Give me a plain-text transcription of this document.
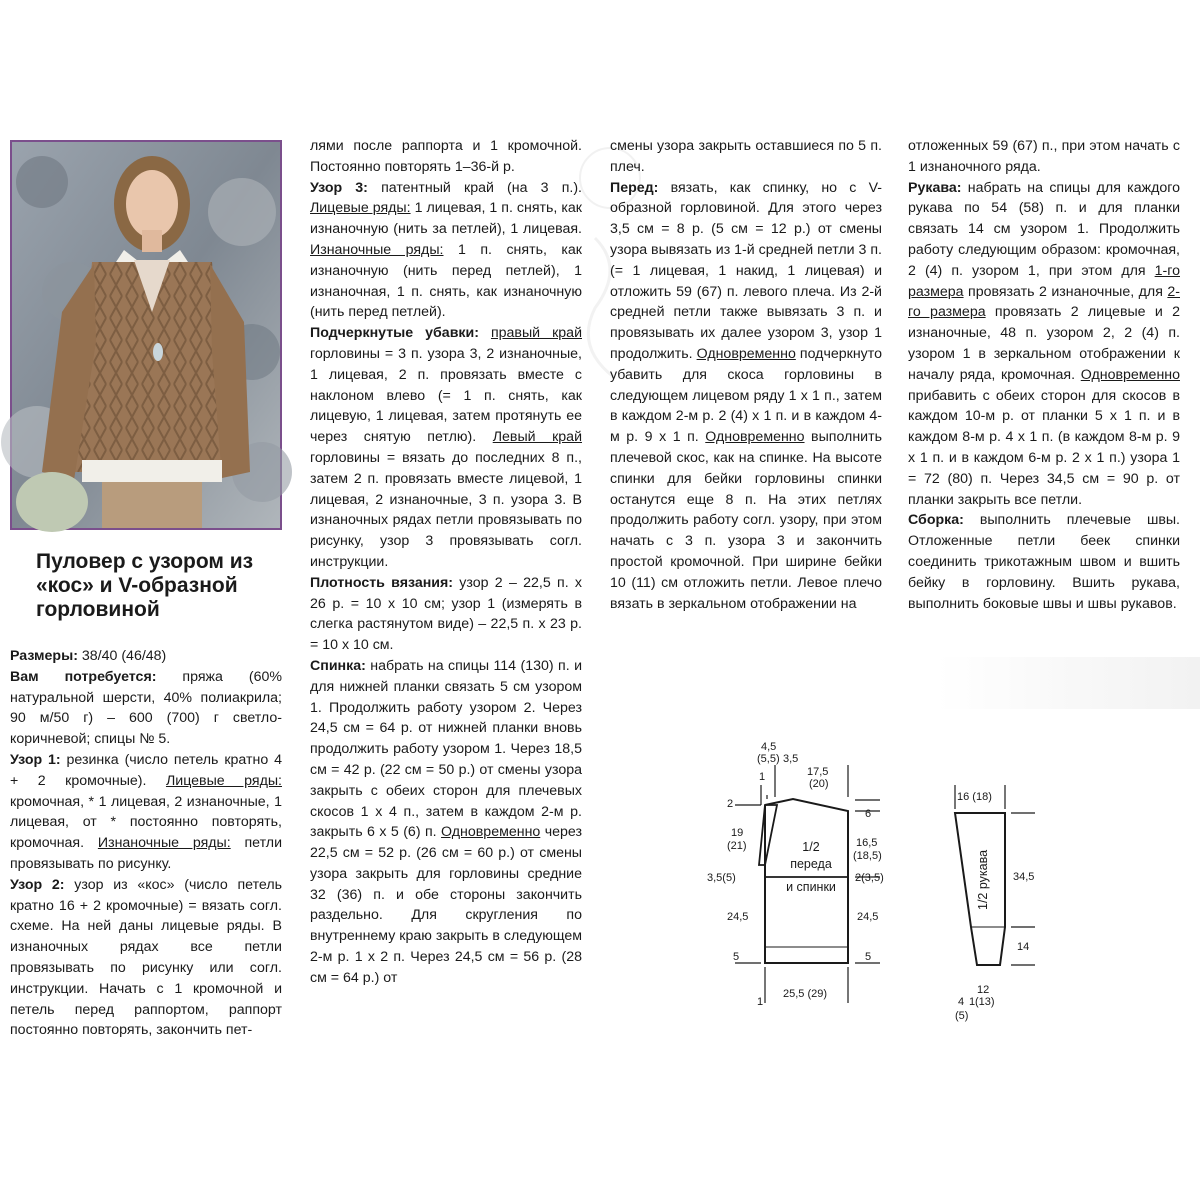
Пуловер с узором из «кос» и V-образной горловиной

Размеры: 38/40 (46/48)

Вам потребуется: пряжа (60% натуральной шерсти, 40% полиакрила; 90 м/50 г) – 600 (700) г светло-коричневой; спицы № 5.

Узор 1: резинка (число петель кратно 4 + 2 кромочные). Лицевые ряды: кромочная, * 1 лицевая, 2 изнаночные, 1 лицевая, от * постоянно повторять, кромочная. Изнаночные ряды: петли провязывать по рисунку.

Узор 2: узор из «кос» (число петель кратно 16 + 2 кромочные) = вязать согл. схеме. На ней даны лицевые ряды. В изнаночных рядах все петли провязывать по рисунку или согл. инструкции. Начать с 1 кромочной и петель перед раппортом, раппорт постоянно повторять, закончить пет-

лями после раппорта и 1 кромочной. Постоянно повторять 1–36-й р.

Узор 3: патентный край (на 3 п.). Лицевые ряды: 1 лицевая, 1 п. снять, как изнаночную (нить за петлей), 1 лицевая. Изнаночные ряды: 1 п. снять, как изнаночную (нить перед петлей), 1 изнаночная, 1 п. снять, как изнаночную (нить перед петлей).

Подчеркнутые убавки: правый край горловины = 3 п. узора 3, 2 изнаночные, 1 лицевая, 2 п. провязать вместе с наклоном влево (= 1 п. снять, как лицевую, 1 лицевая, затем протянуть ее через снятую петлю). Левый край горловины = вязать до последних 8 п., затем 2 п. провязать вместе лицевой, 1 лицевая, 2 изнаночные, 3 п. узора 3. В изнаночных рядах петли провязывать по рисунку, узор 3 провязывать согл. инструкции.

Плотность вязания: узор 2 – 22,5 п. x 26 р. = 10 x 10 см; узор 1 (измерять в слегка растянутом виде) – 22,5 п. x 23 р. = 10 x 10 см.

Спинка: набрать на спицы 114 (130) п. и для нижней планки связать 5 см узором 1. Продолжить работу узором 2. Через 24,5 см = 64 р. от нижней планки вновь продолжить работу узором 1. Через 18,5 см = 42 р. (22 см = 50 р.) от смены узора закрыть с обеих сторон для плечевых скосов 1 x 4 п., затем в каждом 2-м р. закрыть 6 x 5 (6) п. Одновременно через 22,5 см = 52 р. (26 см = 60 р.) от смены узора закрыть для горловины средние 32 (36) п. и обе стороны закончить раздельно. Для скругления по внутреннему краю закрыть в следующем 2-м р. 1 x 2 п. Через 24,5 см = 56 р. (28 см = 64 р.) от

смены узора закрыть оставшиеся по 5 п. плеч.

Перед: вязать, как спинку, но с V-образной горловиной. Для этого через 3,5 см = 8 р. (5 см = 12 р.) от смены узора вывязать из 1-й средней петли 3 п. (= 1 лицевая, 1 накид, 1 лицевая) и отложить 59 (67) п. левого плеча. Из 2-й средней петли также вывязать 3 п. и провязывать их далее узором 3, узор 1 продолжить. Одновременно подчеркнуто убавить для скоса горловины в следующем лицевом ряду 1 x 1 п., затем в каждом 2-м р. 2 (4) x 1 п. и в каждом 4-м р. 9 x 1 п. Одновременно выполнить плечевой скос, как на спинке. На высоте спинки для бейки горловины спинки останутся еще 8 п. На этих петлях продолжить работу согл. узору, при этом начать с 3 п. узора 3 и закончить простой кромочной. При ширине бейки 10 (11) см отложить петли. Левое плечо вязать в зеркальном отображении на

отложенных 59 (67) п., при этом начать с 1 изнаночного ряда.

Рукава: набрать на спицы для каждого рукава по 54 (58) п. и для планки связать 14 см узором 1. Продолжить работу следующим образом: кромочная, 2 (4) п. узором 1, при этом для 1-го размера провязать 2 изнаночные, для 2-го размера провязать 2 лицевые и 2 изнаночные, 48 п. узором 2, 2 (4) п. узором 1 в зеркальном отображении к началу ряда, кромочная. Одновременно прибавить с обеих сторон для скосов в каждом 10-м р. от планки 5 x 1 п. и в каждом 8-м р. 4 x 1 п. (в каждом 8-м р. 9 x 1 п. и в каждом 6-м р. 2 x 1 п.) узора 1 = 72 (80) п. Через 34,5 см = 90 р. от планки закрыть все петли.

Сборка: выполнить плечевые швы. Отложенные петли беек спинки соединить трикотажным швом и вшить бейку в горловину. Вшить рукава, выполнить боковые швы и швы рукавов.

1/2
переда
и спинки
4,5
(5,5) 3,5
1	17,5
(20)
2
19
(21)
3,5(5)
24,5
5
6
16,5
(18,5)
2(3,5)
24,5
5
1
25,5 (29)
1/2 рукава
16 (18)
34,5
14
12
(13)
4
(5)
1
